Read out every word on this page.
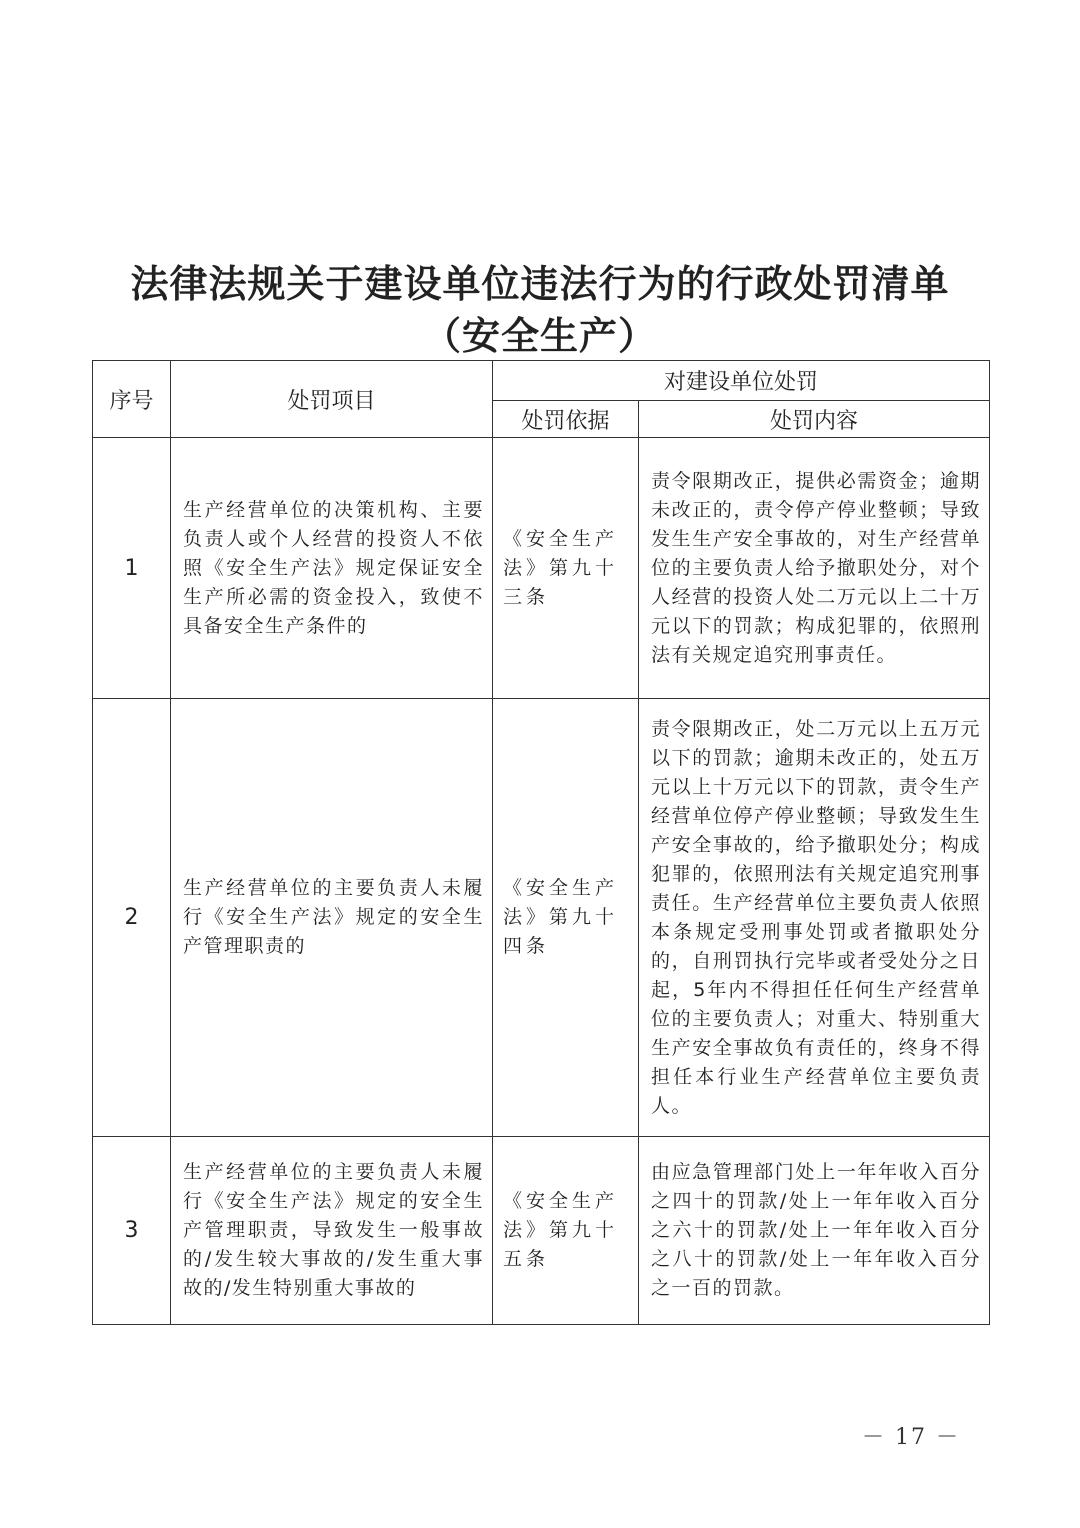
法律法规关于建设单位违法行为的行政处罚清单
（安全生产）
序号	处罚项目	对建设单位处罚	
		处罚依据	处罚内容
1	生产经营单位的决策机构、主要负责人或个人经营的投资人不依照《安全生产法》规定保证安全生产所必需的资金投入，致使不具备安全生产条件的	《安全生产法》第九十三条	责令限期改正，提供必需资金；逾期未改正的，责令停产停业整顿；导致发生生产安全事故的，对生产经营单位的主要负责人给予撤职处分，对个人经营的投资人处二万元以上二十万元以下的罚款；构成犯罪的，依照刑法有关规定追究刑事责任。
2	生产经营单位的主要负责人未履行《安全生产法》规定的安全生产管理职责的	《安全生产法》第九十四条	责令限期改正，处二万元以上五万元以下的罚款；逾期未改正的，处五万元以上十万元以下的罚款，责令生产经营单位停产停业整顿；导致发生生产安全事故的，给予撤职处分；构成犯罪的，依照刑法有关规定追究刑事责任。生产经营单位主要负责人依照本条规定受刑事处罚或者撤职处分的，自刑罚执行完毕或者受处分之日起，5年内不得担任任何生产经营单位的主要负责人；对重大、特别重大生产安全事故负有责任的，终身不得担任本行业生产经营单位主要负责人。
3	生产经营单位的主要负责人未履行《安全生产法》规定的安全生产管理职责，导致发生一般事故的/发生较大事故的/发生重大事故的/发生特别重大事故的	《安全生产法》第九十五条	由应急管理部门处上一年年收入百分之四十的罚款/处上一年年收入百分之六十的罚款/处上一年年收入百分之八十的罚款/处上一年年收入百分之一百的罚款。
－ 17 －
